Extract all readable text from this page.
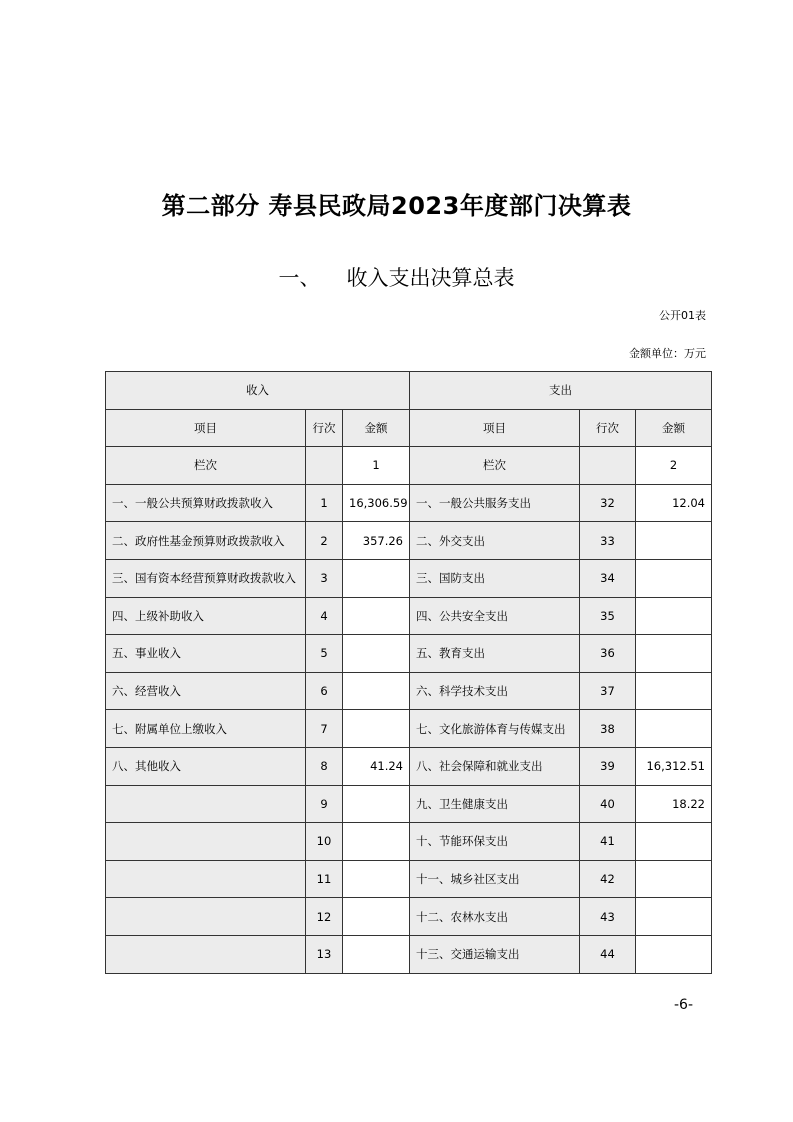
第二部分 寿县民政局2023年度部门决算表
一、 收入支出决算总表
公开01表
金额单位：万元
收入			支出		
项目	行次	金额	项目	行次	金额
栏次		1	栏次		2
一、一般公共预算财政拨款收入	1	16,306.59	一、一般公共服务支出	32	12.04
二、政府性基金预算财政拨款收入	2	357.26	二、外交支出	33	
三、国有资本经营预算财政拨款收入	3		三、国防支出	34	
四、上级补助收入	4		四、公共安全支出	35	
五、事业收入	5		五、教育支出	36	
六、经营收入	6		六、科学技术支出	37	
七、附属单位上缴收入	7		七、文化旅游体育与传媒支出	38	
八、其他收入	8	41.24	八、社会保障和就业支出	39	16,312.51
	9		九、卫生健康支出	40	18.22
	10		十、节能环保支出	41	
	11		十一、城乡社区支出	42	
	12		十二、农林水支出	43	
	13		十三、交通运输支出	44	
-6-
